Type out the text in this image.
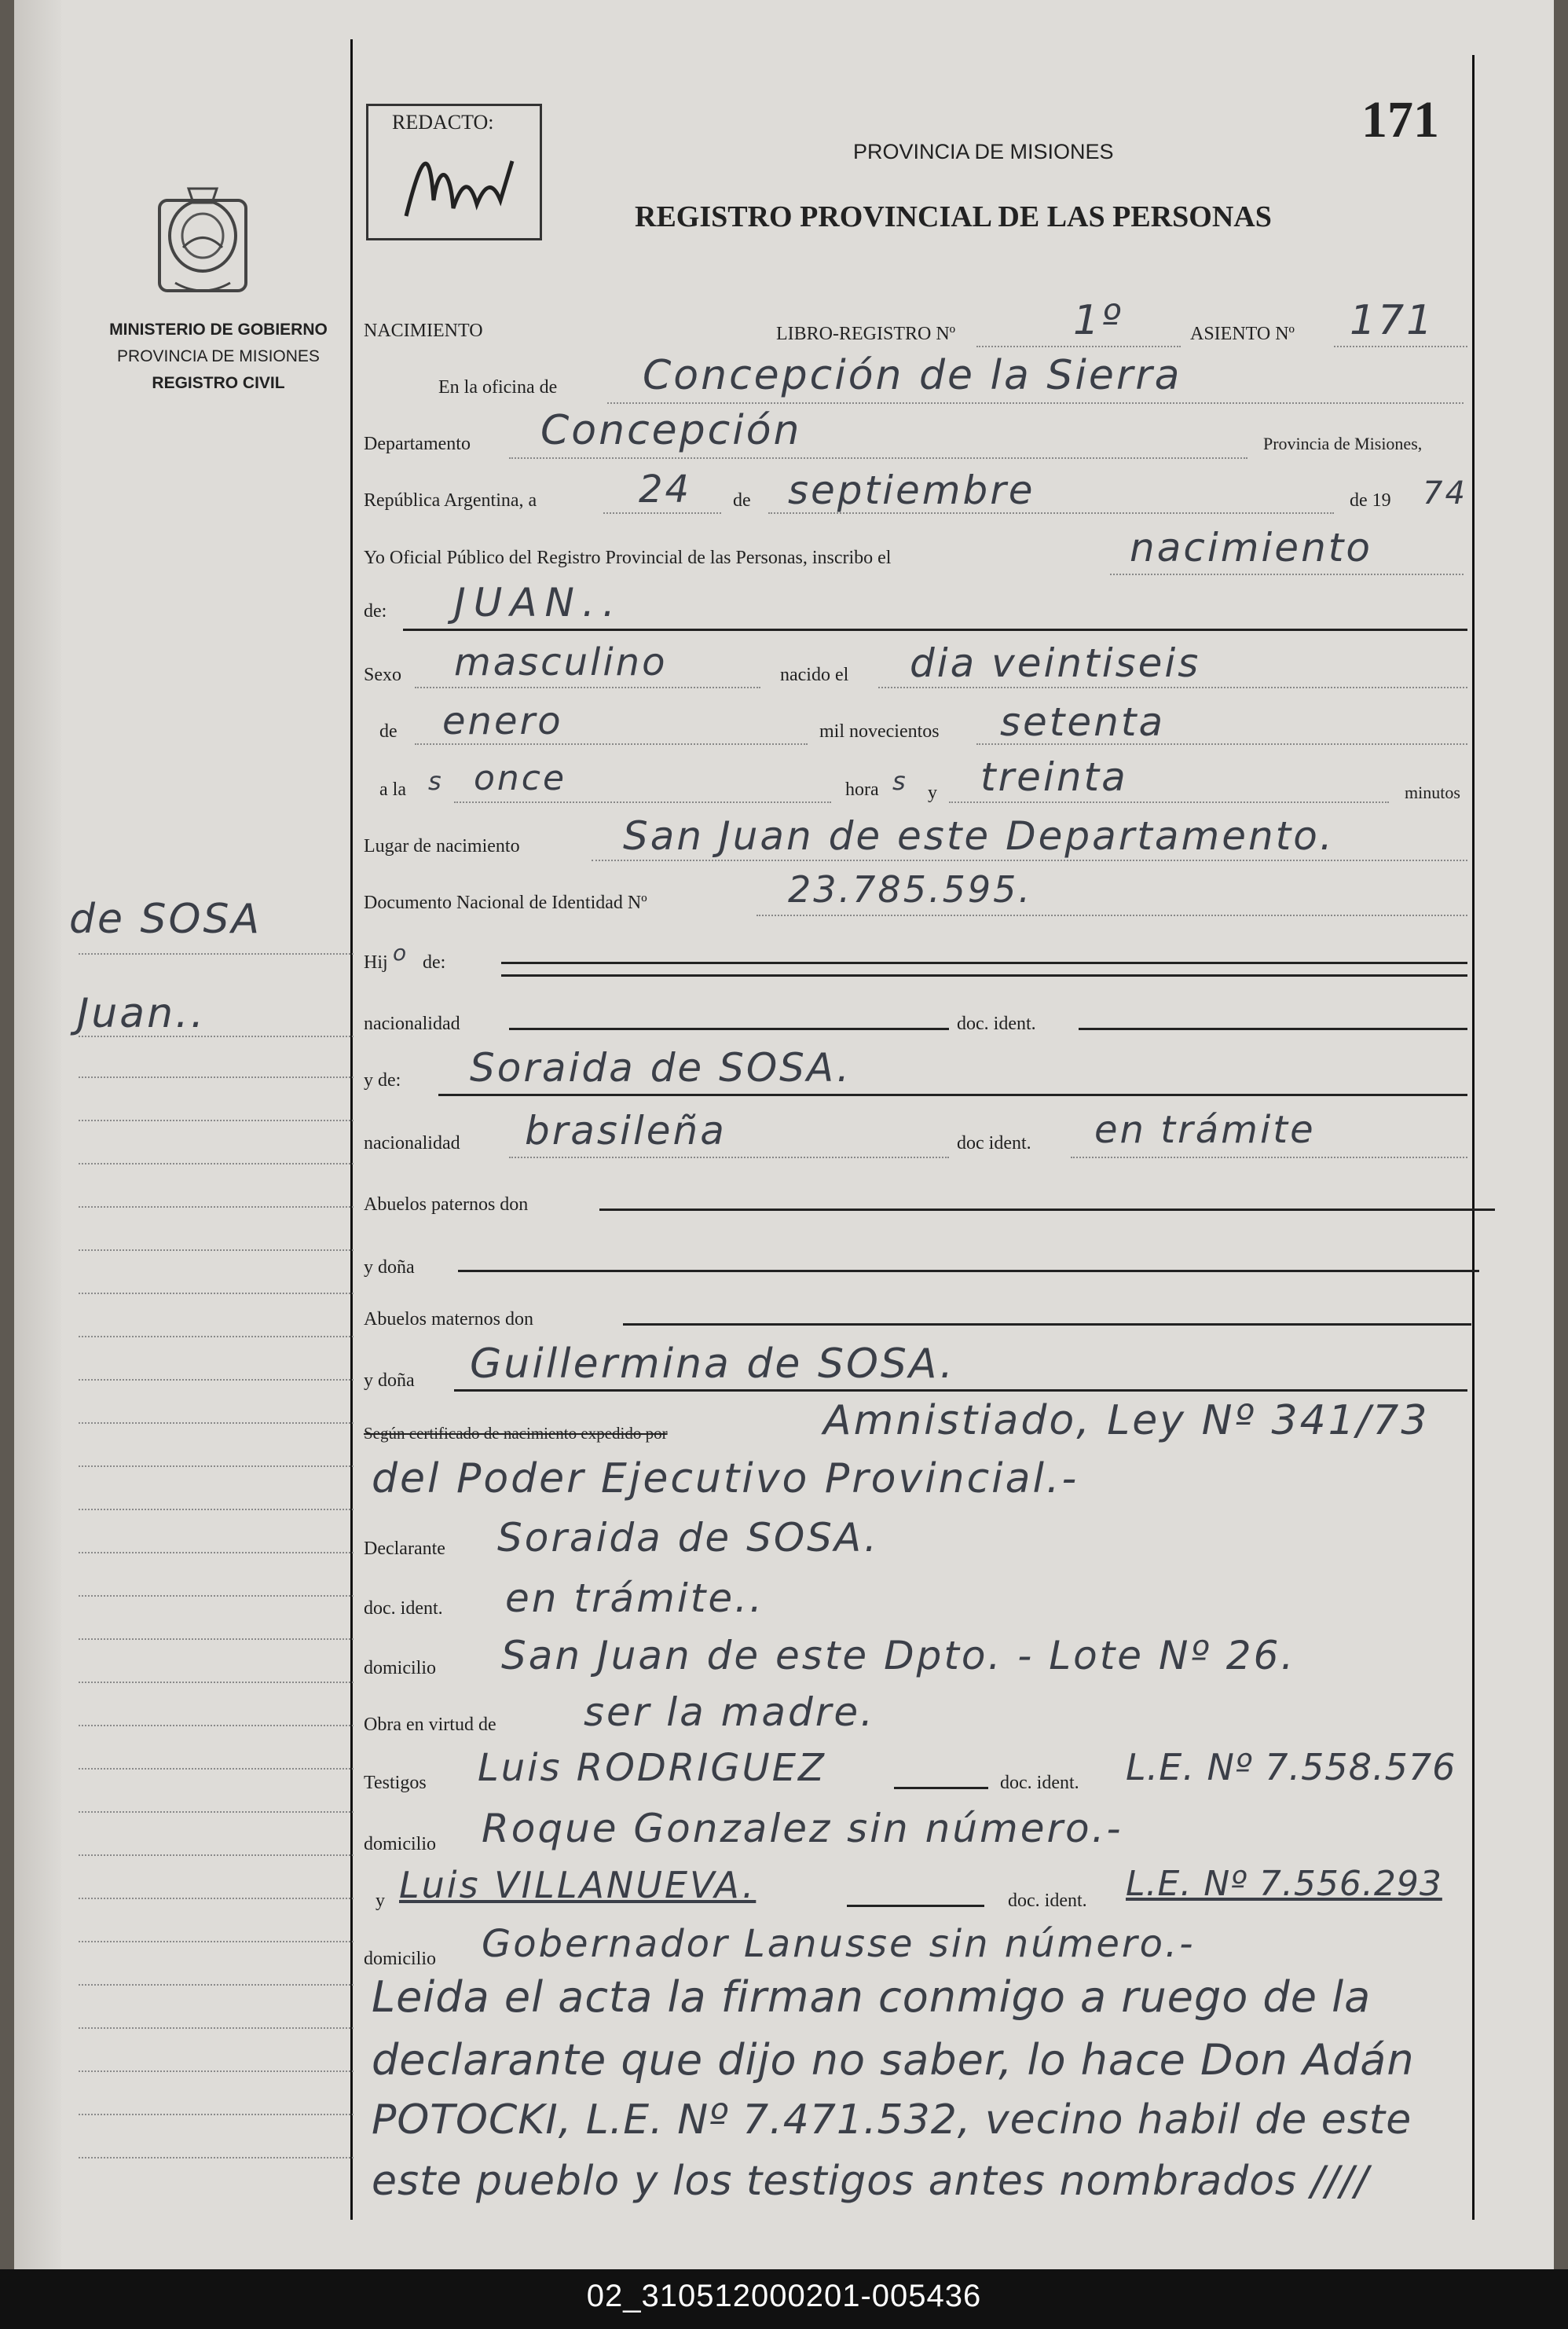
MINISTERIO DE GOBIERNO
PROVINCIA DE MISIONES
REGISTRO CIVIL
de SOSA
Juan..
REDACTO:	171
PROVINCIA DE MISIONES
REGISTRO PROVINCIAL DE LAS PERSONAS
NACIMIENTO	LIBRO-REGISTRO Nº	1º	ASIENTO Nº 171
En la oficina de Concepción de la Sierra
Departamento Concepción	Provincia de Misiones,
República Argentina, a	24 de septiembre	de 19 74
Yo Oficial Público del Registro Provincial de las Personas, inscribo el	nacimiento
de: JUAN..
Sexo masculino	nacido el dia veintiseis
de enero	mil novecientos setenta
a la s once	hora s y treinta	minutos
Lugar de nacimiento	San Juan de este Departamento.
Documento Nacional de Identidad Nº	23.785.595.
Hij o de:
nacionalidad	doc. ident.
y de: Soraida de SOSA.
nacionalidad brasileña	doc ident. en trámite
Abuelos paternos don
y doña
Abuelos maternos don
y doña Guillermina de SOSA.
Según certificado de nacimiento expedido por	Amnistiado, Ley Nº 341/73
del Poder Ejecutivo Provincial.-
Declarante Soraida de SOSA.
doc. ident. en trámite..
domicilio San Juan de este Dpto. - Lote Nº 26.
Obra en virtud de ser la madre.
Testigos Luis RODRIGUEZ	doc. ident. L.E. Nº 7.558.576
domicilio Roque Gonzalez sin número.-
y Luis VILLANUEVA.	doc. ident. L.E. Nº 7.556.293
domicilio Gobernador Lanusse sin número.-
Leida el acta la firman conmigo a ruego de la
declarante que dijo no saber, lo hace Don Adán
POTOCKI, L.E. Nº 7.471.532, vecino habil de este
este pueblo y los testigos antes nombrados ////
02_310512000201-005436
